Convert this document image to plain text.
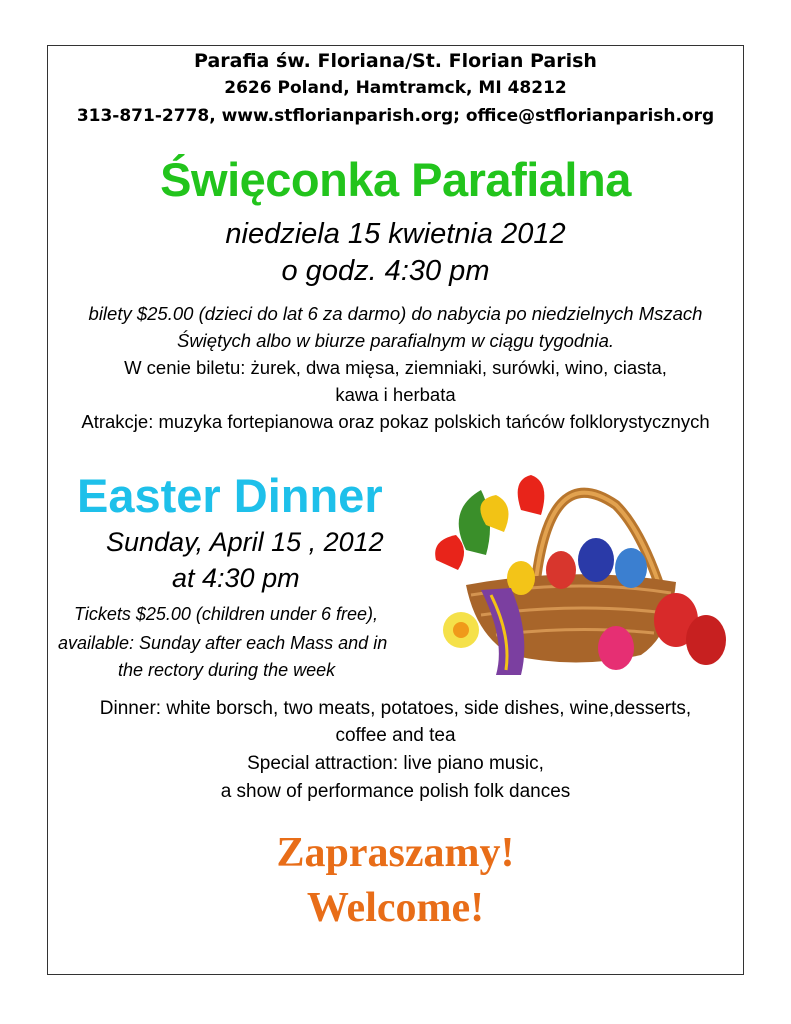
Parafia św. Floriana/St. Florian Parish
2626 Poland, Hamtramck, MI 48212
313-871-2778, www.stflorianparish.org; office@stflorianparish.org
Święconka Parafialna
niedziela 15 kwietnia 2012
o godz. 4:30 pm
bilety $25.00 (dzieci do lat 6 za darmo) do nabycia po niedzielnych Mszach
Świętych albo w biurze parafialnym w ciągu tygodnia.
W cenie biletu: żurek, dwa mięsa, ziemniaki, surówki, wino, ciasta,
kawa i herbata
Atrakcje: muzyka fortepianowa oraz pokaz polskich tańców folklorystycznych
Easter Dinner
Sunday, April 15 , 2012
at 4:30 pm
Tickets $25.00 (children under 6 free),
available: Sunday after each Mass and in
the rectory during the week
Dinner: white borsch, two meats, potatoes, side dishes, wine,desserts,
coffee and tea
Special attraction: live piano music,
a show of performance polish folk dances
Zapraszamy!
Welcome!
